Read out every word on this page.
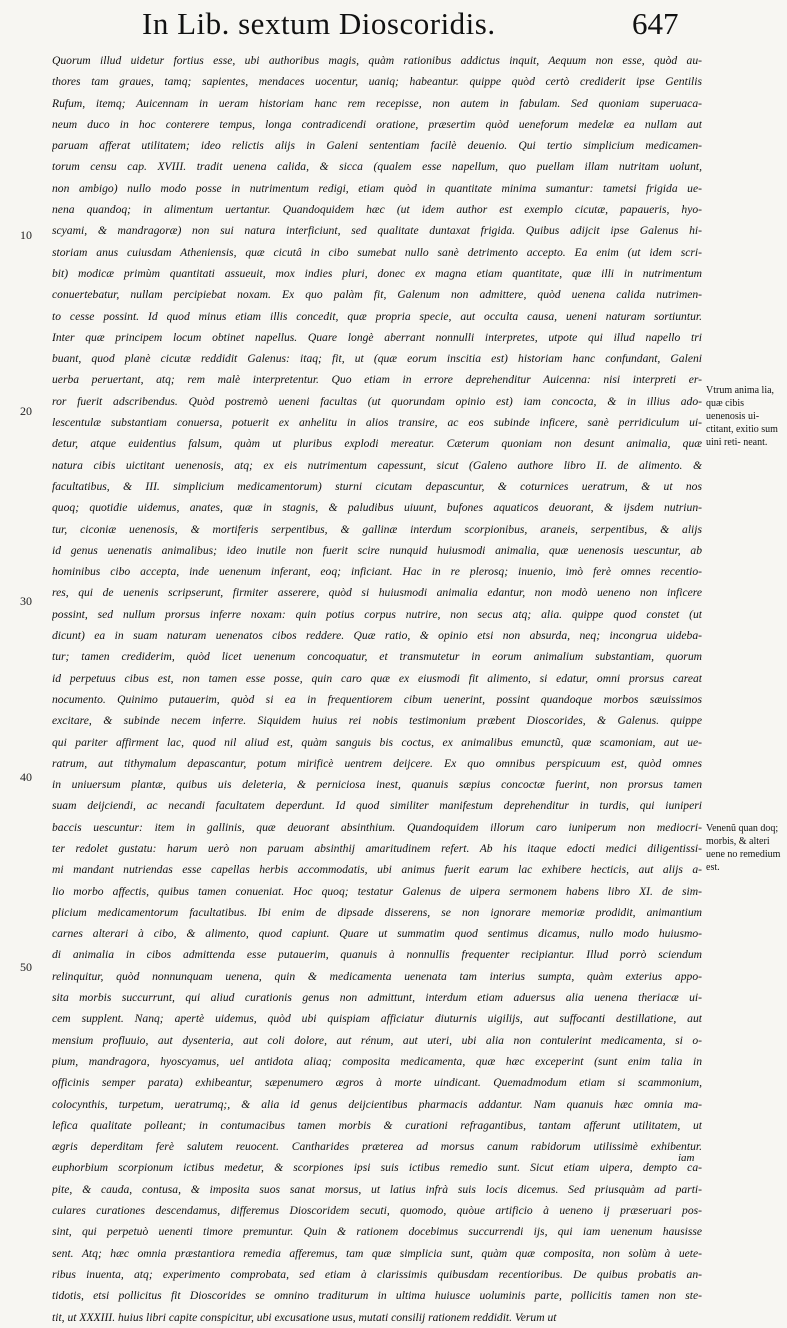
In Lib. sextum Dioscoridis.	647
10
20
30
40
50
Quorum illud uidetur fortius esse, ubi authoribus magis, quàm rationibus addictus inquit, Aequum non esse, quòd au-
thores tam graues, tamq; sapientes, mendaces uocentur, uaniq; habeantur. quippe quòd certò crediderit ipse Gentilis
Rufum, itemq; Auicennam in ueram historiam hanc rem recepisse, non autem in fabulam. Sed quoniam superuaca-
neum duco in hoc conterere tempus, longa contradicendi oratione, præsertim quòd ueneforum medelæ ea nullam aut
paruam afferat utilitatem; ideo relictis alijs in Galeni sententiam facilè deuenio. Qui tertio simplicium medicamen-
torum censu cap. XVIII. tradit uenena calida, & sicca (qualem esse napellum, quo puellam illam nutritam uolunt,
non ambigo) nullo modo posse in nutrimentum redigi, etiam quòd in quantitate minima sumantur: tametsi frigida ue-
nena quandoq; in alimentum uertantur. Quandoquidem hæc (ut idem author est exemplo cicutæ, papaueris, hyo-
scyami, & mandragoræ) non sui natura interficiunt, sed qualitate duntaxat frigida. Quibus adijcit ipse Galenus hi-
storiam anus cuiusdam Atheniensis, quæ cicutâ in cibo sumebat nullo sanè detrimento accepto. Ea enim (ut idem scri-
bit) modicæ primùm quantitati assueuit, mox indies pluri, donec ex magna etiam quantitate, quæ illi in nutrimentum
conuertebatur, nullam percipiebat noxam. Ex quo palàm fit, Galenum non admittere, quòd uenena calida nutrimen-
to cesse possint. Id quod minus etiam illis concedit, quæ propria specie, aut occulta causa, ueneni naturam sortiuntur.
Inter quæ principem locum obtinet napellus. Quare longè aberrant nonnulli interpretes, utpote qui illud napello tri
buant, quod planè cicutæ reddidit Galenus: itaq; fit, ut (quæ eorum inscitia est) historiam hanc confundant, Galeni
uerba peruertant, atq; rem malè interpretentur. Quo etiam in errore deprehenditur Auicenna: nisi interpreti er-
ror fuerit adscribendus. Quòd postremò ueneni facultas (ut quorundam opinio est) iam concocta, & in illius ado-
lescentulæ substantiam conuersa, potuerit ex anhelitu in alios transire, ac eos subinde inficere, sanè perridiculum ui-
detur, atque euidentius falsum, quàm ut pluribus explodi mereatur. Cæterum quoniam non desunt animalia, quæ
natura cibis uictitant uenenosis, atq; ex eis nutrimentum capessunt, sicut (Galeno authore libro II. de alimento. &
facultatibus, & III. simplicium medicamentorum) sturni cicutam depascuntur, & coturnices ueratrum, & ut nos
quoq; quotidie uidemus, anates, quæ in stagnis, & paludibus uiuunt, bufones aquaticos deuorant, & ijsdem nutriun-
tur, ciconiæ uenenosis, & mortiferis serpentibus, & gallinæ interdum scorpionibus, araneis, serpentibus, & alijs
id genus uenenatis animalibus; ideo inutile non fuerit scire nunquid huiusmodi animalia, quæ uenenosis uescuntur, ab
hominibus cibo accepta, inde uenenum inferant, eoq; inficiant. Hac in re plerosq; inuenio, imò ferè omnes recentio-
res, qui de uenenis scripserunt, firmiter asserere, quòd si huiusmodi animalia edantur, non modò ueneno non inficere
possint, sed nullum prorsus inferre noxam: quin potius corpus nutrire, non secus atq; alia. quippe quod constet (ut
dicunt) ea in suam naturam uenenatos cibos reddere. Quæ ratio, & opinio etsi non absurda, neq; incongrua uideba-
tur; tamen crediderim, quòd licet uenenum concoquatur, et transmutetur in eorum animalium substantiam, quorum
id perpetuus cibus est, non tamen esse posse, quin caro quæ ex eiusmodi fit alimento, si edatur, omni prorsus careat
nocumento. Quinimo putauerim, quòd si ea in frequentiorem cibum uenerint, possint quandoque morbos sæuissimos
excitare, & subinde necem inferre. Siquidem huius rei nobis testimonium præbent Dioscorides, & Galenus. quippe
qui pariter affirment lac, quod nil aliud est, quàm sanguis bis coctus, ex animalibus emunctũ, quæ scamoniam, aut ue-
ratrum, aut tithymalum depascantur, potum mirificè uentrem deijcere. Ex quo omnibus perspicuum est, quòd omnes
in uniuersum plantæ, quibus uis deleteria, & perniciosa inest, quanuis sæpius concoctæ fuerint, non prorsus tamen
suam deijciendi, ac necandi facultatem deperdunt. Id quod similiter manifestum deprehenditur in turdis, qui iuniperi
baccis uescuntur: item in gallinis, quæ deuorant absinthium. Quandoquidem illorum caro iuniperum non mediocri-
ter redolet gustatu: harum uerò non paruam absinthij amaritudinem refert. Ab his itaque edocti medici diligentissi-
mi mandant nutriendas esse capellas herbis accommodatis, ubi animus fuerit earum lac exhibere hecticis, aut alijs a-
lio morbo affectis, quibus tamen conueniat. Hoc quoq; testatur Galenus de uipera sermonem habens libro XI. de sim-
plicium medicamentorum facultatibus. Ibi enim de dipsade disserens, se non ignorare memoriæ prodidit, animantium
carnes alterari à cibo, & alimento, quod capiunt. Quare ut summatim quod sentimus dicamus, nullo modo huiusmo-
di animalia in cibos admittenda esse putauerim, quanuis à nonnullis frequenter recipiantur. Illud porrò sciendum
relinquitur, quòd nonnunquam uenena, quin & medicamenta uenenata tam interius sumpta, quàm exterius appo-
sita morbis succurrunt, qui aliud curationis genus non admittunt, interdum etiam aduersus alia uenena theriacæ ui-
cem supplent. Nanq; apertè uidemus, quòd ubi quispiam afficiatur diuturnis uigilijs, aut suffocanti destillatione, aut
mensium profluuio, aut dysenteria, aut coli dolore, aut rénum, aut uteri, ubi alia non contulerint medicamenta, si o-
pium, mandragora, hyoscyamus, uel antidota aliaq; composita medicamenta, quæ hæc exceperint (sunt enim talia in
officinis semper parata) exhibeantur, sæpenumero ægros à morte uindicant. Quemadmodum etiam si scammonium,
colocynthis, turpetum, ueratrumq;, & alia id genus deijcientibus pharmacis addantur. Nam quanuis hæc omnia ma-
lefica qualitate polleant; in contumacibus tamen morbis & curationi refragantibus, tantam afferunt utilitatem, ut
ægris deperditam ferè salutem reuocent. Cantharides præterea ad morsus canum rabidorum utilissimè exhibentur.
euphorbium scorpionum ictibus medetur, & scorpiones ipsi suis ictibus remedio sunt. Sicut etiam uipera, dempto ca-
pite, & cauda, contusa, & imposita suos sanat morsus, ut latius infrà suis locis dicemus. Sed priusquàm ad parti-
culares curationes descendamus, differemus Dioscoridem secuti, quomodo, quòue artificio à ueneno ij præseruari pos-
sint, qui perpetuò uenenti timore premuntur. Quin & rationem docebimus succurrendi ijs, qui iam uenenum hausisse
sent. Atq; hæc omnia præstantiora remedia afferemus, tam quæ simplicia sunt, quàm quæ composita, non solùm à uete-
ribus inuenta, atq; experimento comprobata, sed etiam à clarissimis quibusdam recentioribus. De quibus probatis an-
tidotis, etsi pollicitus fit Dioscorides se omnino traditurum in ultima huiusce uoluminis parte, pollicitis tamen non ste-
tit, ut XXXIII. huius libri capite conspicitur, ubi excusatione usus, mutati consilij rationem reddidit. Verum ut
Vtrum anima lia, quæ cibis uenenosis ui- ctitant, exitio sum uini reti- neant.
Venenũ quan doq; morbis, & alteri uene no remedium est.
iam
